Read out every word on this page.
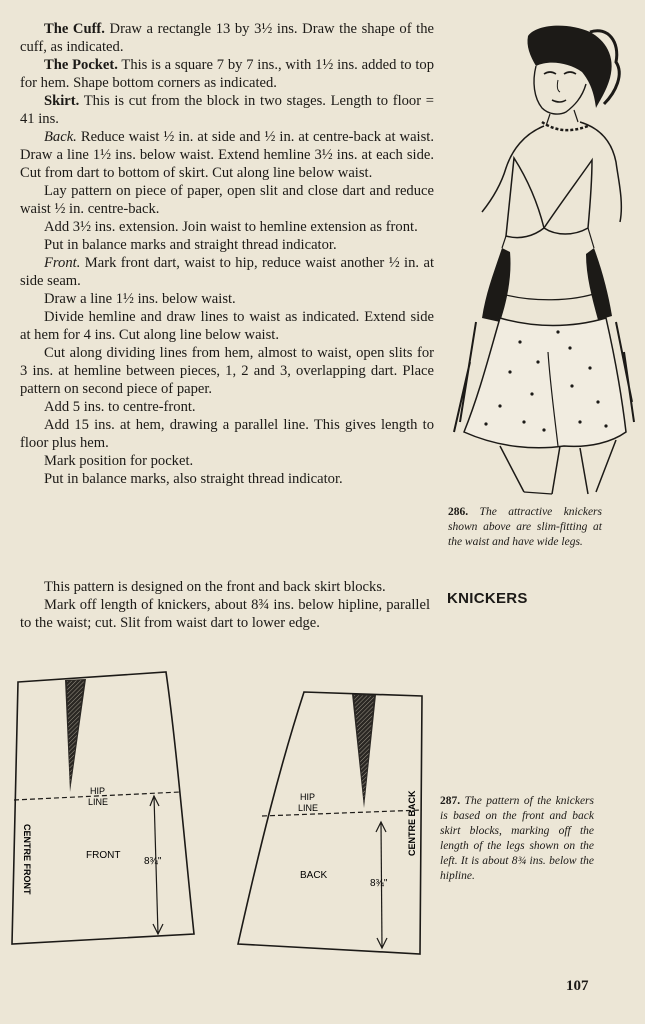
The Cuff. Draw a rectangle 13 by 3½ ins. Draw the shape of the cuff, as indicated.

The Pocket. This is a square 7 by 7 ins., with 1½ ins. added to top for hem. Shape bottom corners as indicated.

Skirt. This is cut from the block in two stages. Length to floor = 41 ins.

Back. Reduce waist ½ in. at side and ½ in. at centre-back at waist. Draw a line 1½ ins. below waist. Extend hemline 3½ ins. at each side. Cut from dart to bottom of skirt. Cut along line below waist.

Lay pattern on piece of paper, open slit and close dart and reduce waist ½ in. centre-back.

Add 3½ ins. extension. Join waist to hemline extension as front.

Put in balance marks and straight thread indicator.

Front. Mark front dart, waist to hip, reduce waist another ½ in. at side seam.

Draw a line 1½ ins. below waist.

Divide hemline and draw lines to waist as indicated. Extend side at hem for 4 ins. Cut along line below waist.

Cut along dividing lines from hem, almost to waist, open slits for 3 ins. at hemline between pieces, 1, 2 and 3, overlapping dart. Place pattern on second piece of paper.

Add 5 ins. to centre-front.

Add 15 ins. at hem, drawing a parallel line. This gives length to floor plus hem.

Mark position for pocket.

Put in balance marks, also straight thread indicator.

This pattern is designed on the front and back skirt blocks.

Mark off length of knickers, about 8¾ ins. below hipline, parallel to the waist; cut. Slit from waist dart to lower edge.

286. The attractive knickers shown above are slim-fitting at the waist and have wide legs.
KNICKERS
HIP
LINE
FRONT
8¾"
CENTRE FRONT
HIP
LINE
BACK
8¾"
CENTRE BACK 287. The pattern of the knickers is based on the front and back skirt blocks, marking off the length of the legs shown on the left. It is about 8¾ ins. below the hipline.
107
